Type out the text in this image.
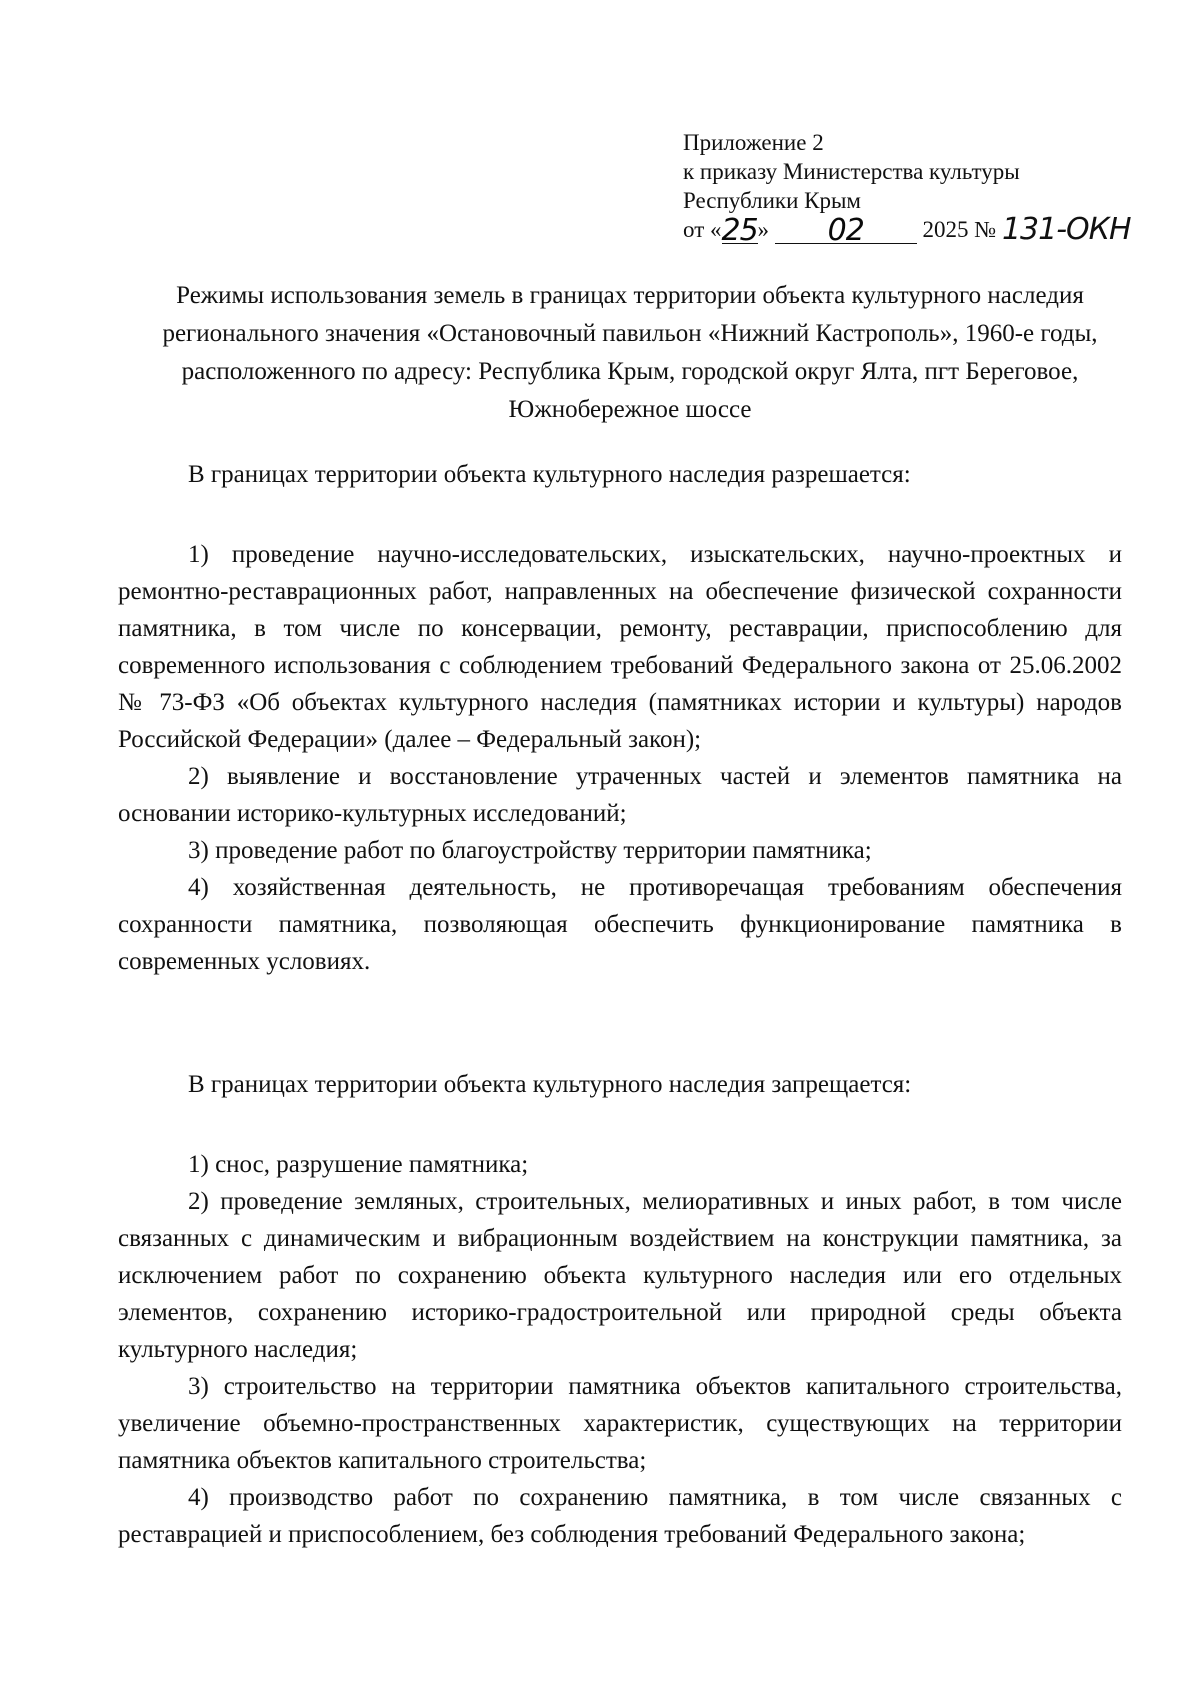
Приложение 2
к приказу Министерства культуры
Республики Крым
от « 25 »	02	2025 № 131-ОКН
Режимы использования земель в границах территории объекта культурного наследия регионального значения «Остановочный павильон «Нижний Кастрополь», 1960-е годы, расположенного по адресу: Республика Крым, городской округ Ялта, пгт Береговое, Южнобережное шоссе
В границах территории объекта культурного наследия разрешается:

1) проведение научно-исследовательских, изыскательских, научно-проектных и ремонтно-реставрационных работ, направленных на обеспечение физической сохранности памятника, в том числе по консервации, ремонту, реставрации, приспособлению для современного использования с соблюдением требований Федерального закона от 25.06.2002 № 73-ФЗ «Об объектах культурного наследия (памятниках истории и культуры) народов Российской Федерации» (далее – Федеральный закон);

2) выявление и восстановление утраченных частей и элементов памятника на основании историко-культурных исследований;

3) проведение работ по благоустройству территории памятника;

4) хозяйственная деятельность, не противоречащая требованиям обеспечения сохранности памятника, позволяющая обеспечить функционирование памятника в современных условиях.

В границах территории объекта культурного наследия запрещается:

1) снос, разрушение памятника;

2) проведение земляных, строительных, мелиоративных и иных работ, в том числе связанных с динамическим и вибрационным воздействием на конструкции памятника, за исключением работ по сохранению объекта культурного наследия или его отдельных элементов, сохранению историко-градостроительной или природной среды объекта культурного наследия;

3) строительство на территории памятника объектов капитального строительства, увеличение объемно-пространственных характеристик, существующих на территории памятника объектов капитального строительства;

4) производство работ по сохранению памятника, в том числе связанных с реставрацией и приспособлением, без соблюдения требований Федерального закона;
